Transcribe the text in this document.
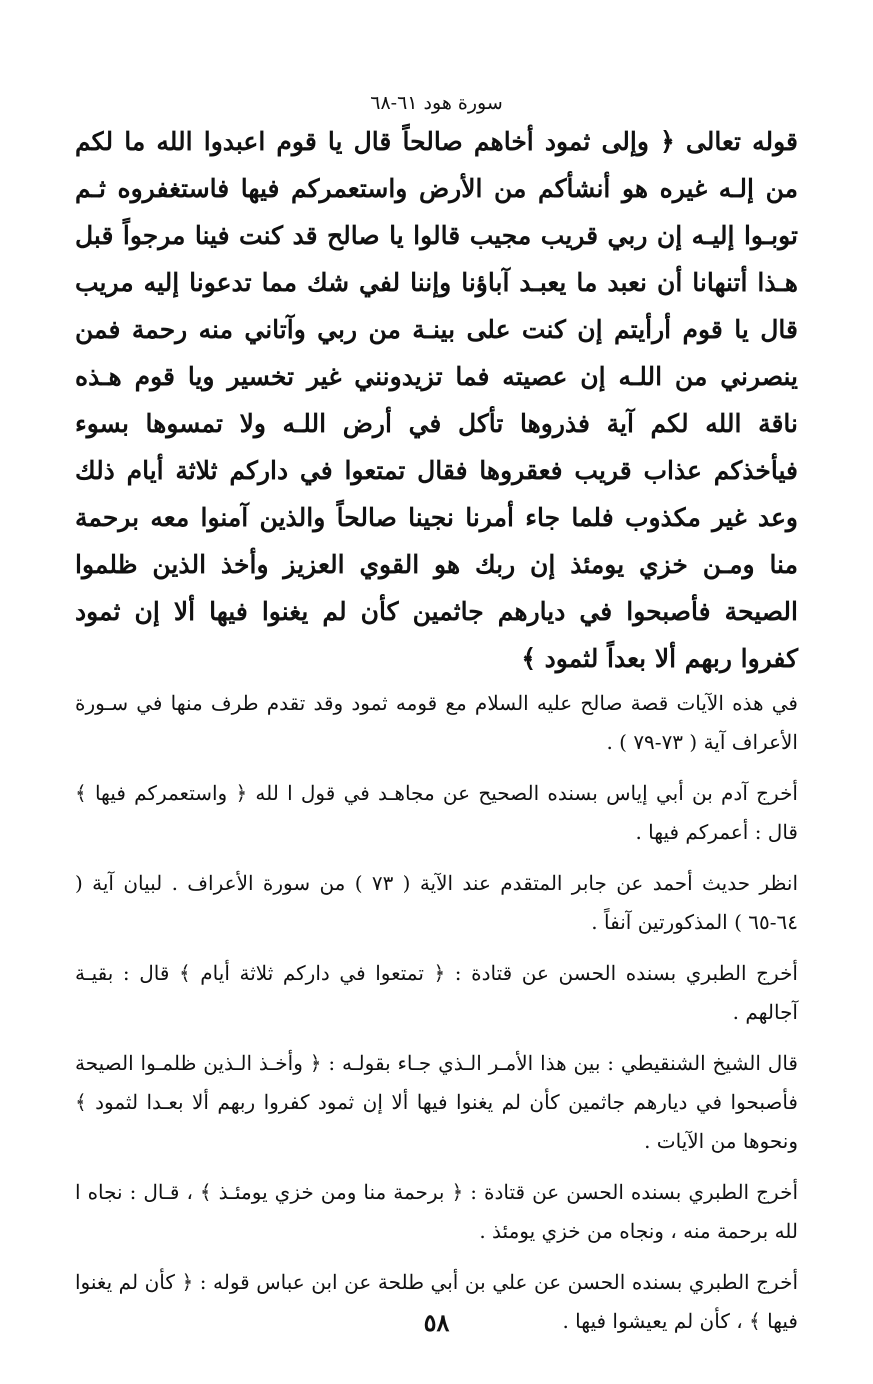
سورة هود ٦١-٦٨
قوله تعالى ﴿ وإلى ثمود أخاهم صالحاً قال يا قوم اعبدوا الله ما لكم من إلـه غيره هو أنشأكم من الأرض واستعمركم فيها فاستغفروه ثـم توبـوا إليـه إن ربي قريب مجيب قالوا يا صالح قد كنت فينا مرجواً قبل هـذا أتنهانا أن نعبد ما يعبـد آباؤنا وإننا لفي شك مما تدعونا إليه مريب قال يا قوم أرأيتم إن كنت على بينـة من ربي وآتاني منه رحمة فمن ينصرني من اللـه إن عصيته فما تزيدونني غير تخسير ويا قوم هـذه ناقة الله لكم آية فذروها تأكل في أرض اللـه ولا تمسوها بسوء فيأخذكم عذاب قريب فعقروها فقال تمتعوا في داركم ثلاثة أيام ذلك وعد غير مكذوب فلما جاء أمرنا نجينا صالحاً والذين آمنوا معه برحمة منا ومـن خزي يومئذ إن ربك هو القوي العزيز وأخذ الذين ظلموا الصيحة فأصبحوا في ديارهم جاثمين كأن لم يغنوا فيها ألا إن ثمود كفروا ربهم ألا بعداً لثمود ﴾
في هذه الآيات قصة صالح عليه السلام مع قومه ثمود وقد تقدم طرف منها في سـورة الأعراف آية ( ٧٣-٧٩ ) .
أخرج آدم بن أبي إياس بسنده الصحيح عن مجاهـد في قول ا لله ﴿ واستعمركم فيها ﴾ قال : أعمركم فيها .
انظر حديث أحمد عن جابر المتقدم عند الآية ( ٧٣ ) من سورة الأعراف . لبيان آية ( ٦٤-٦٥ ) المذكورتين آنفاً .
أخرج الطبري بسنده الحسن عن قتادة : ﴿ تمتعوا في داركم ثلاثة أيام ﴾ قال : بقيـة آجالهم .
قال الشيخ الشنقيطي : بين هذا الأمـر الـذي جـاء بقولـه : ﴿ وأخـذ الـذين ظلمـوا الصيحة فأصبحوا في ديارهم جاثمين كأن لم يغنوا فيها ألا إن ثمود كفروا ربهم ألا بعـدا لثمود ﴾ ونحوها من الآيات .
أخرج الطبري بسنده الحسن عن قتادة : ﴿ برحمة منا ومن خزي يومئـذ ﴾ ، قـال : نجاه ا لله برحمة منه ، ونجاه من خزي يومئذ .
أخرج الطبري بسنده الحسن عن علي بن أبي طلحة عن ابن عباس قوله : ﴿ كأن لم يغنوا فيها ﴾ ، كأن لم يعيشوا فيها .
٥٨
